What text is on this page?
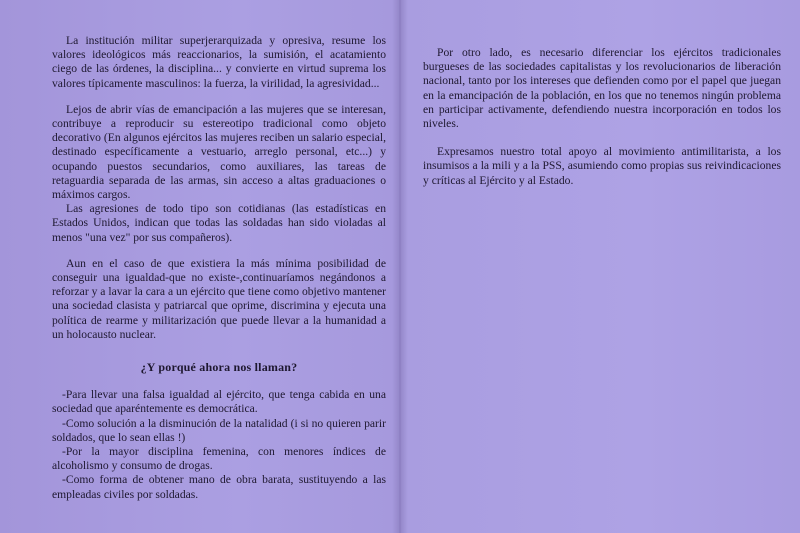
La institución militar superjerarquizada y opresiva, resume los valores ideológicos más reaccionarios, la sumisión, el acatamiento ciego de las órdenes, la disciplina... y convierte en virtud suprema los valores típicamente masculinos: la fuerza, la virilidad, la agresividad...

Lejos de abrir vías de emancipación a las mujeres que se interesan, contribuye a reproducir su estereotipo tradicional como objeto decorativo (En algunos ejércitos las mujeres reciben un salario especial, destinado específicamente a vestuario, arreglo personal, etc...) y ocupando puestos secundarios, como auxiliares, las tareas de retaguardia separada de las armas, sin acceso a altas graduaciones o máximos cargos.

Las agresiones de todo tipo son cotidianas (las estadísticas en Estados Unidos, indican que todas las soldadas han sido violadas al menos "una vez" por sus compañeros).

Aun en el caso de que existiera la más mínima posibilidad de conseguir una igualdad-que no existe-,continuaríamos negándonos a reforzar y a lavar la cara a un ejército que tiene como objetivo mantener una sociedad clasista y patriarcal que oprime, discrimina y ejecuta una política de rearme y militarización que puede llevar a la humanidad a un holocausto nuclear.

¿Y porqué ahora nos llaman?

-Para llevar una falsa igualdad al ejército, que tenga cabida en una sociedad que aparéntemente es democrática.

-Como solución a la disminución de la natalidad (i si no quieren parir soldados, que lo sean ellas !)

-Por la mayor disciplina femenina, con menores índices de alcoholismo y consumo de drogas.

-Como forma de obtener mano de obra barata, sustituyendo a las empleadas civiles por soldadas.

Por otro lado, es necesario diferenciar los ejércitos tradicionales burgueses de las sociedades capitalistas y los revolucionarios de liberación nacional, tanto por los intereses que defienden como por el papel que juegan en la emancipación de la población, en los que no tenemos ningún problema en participar activamente, defendiendo nuestra incorporación en todos los niveles.

Expresamos nuestro total apoyo al movimiento antimilitarista, a los insumisos a la mili y a la PSS, asumiendo como propias sus reivindicaciones y críticas al Ejército y al Estado.
